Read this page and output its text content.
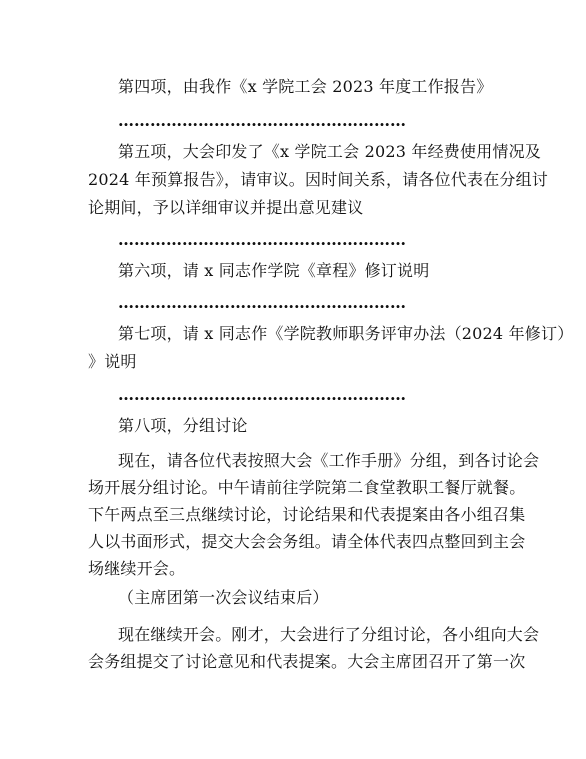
第四项，由我作《x 学院工会 2023 年度工作报告》
………………………………………………
第五项，大会印发了《x 学院工会 2023 年经费使用情况及
2024 年预算报告》，请审议。因时间关系，请各位代表在分组讨
论期间，予以详细审议并提出意见建议
………………………………………………
第六项，请 x 同志作学院《章程》修订说明
………………………………………………
第七项，请 x 同志作《学院教师职务评审办法（2024 年修订）
》说明
………………………………………………
第八项，分组讨论
现在，请各位代表按照大会《工作手册》分组，到各讨论会
场开展分组讨论。中午请前往学院第二食堂教职工餐厅就餐。
下午两点至三点继续讨论，讨论结果和代表提案由各小组召集
人以书面形式，提交大会会务组。请全体代表四点整回到主会
场继续开会。
（主席团第一次会议结束后）
现在继续开会。刚才，大会进行了分组讨论，各小组向大会
会务组提交了讨论意见和代表提案。大会主席团召开了第一次
